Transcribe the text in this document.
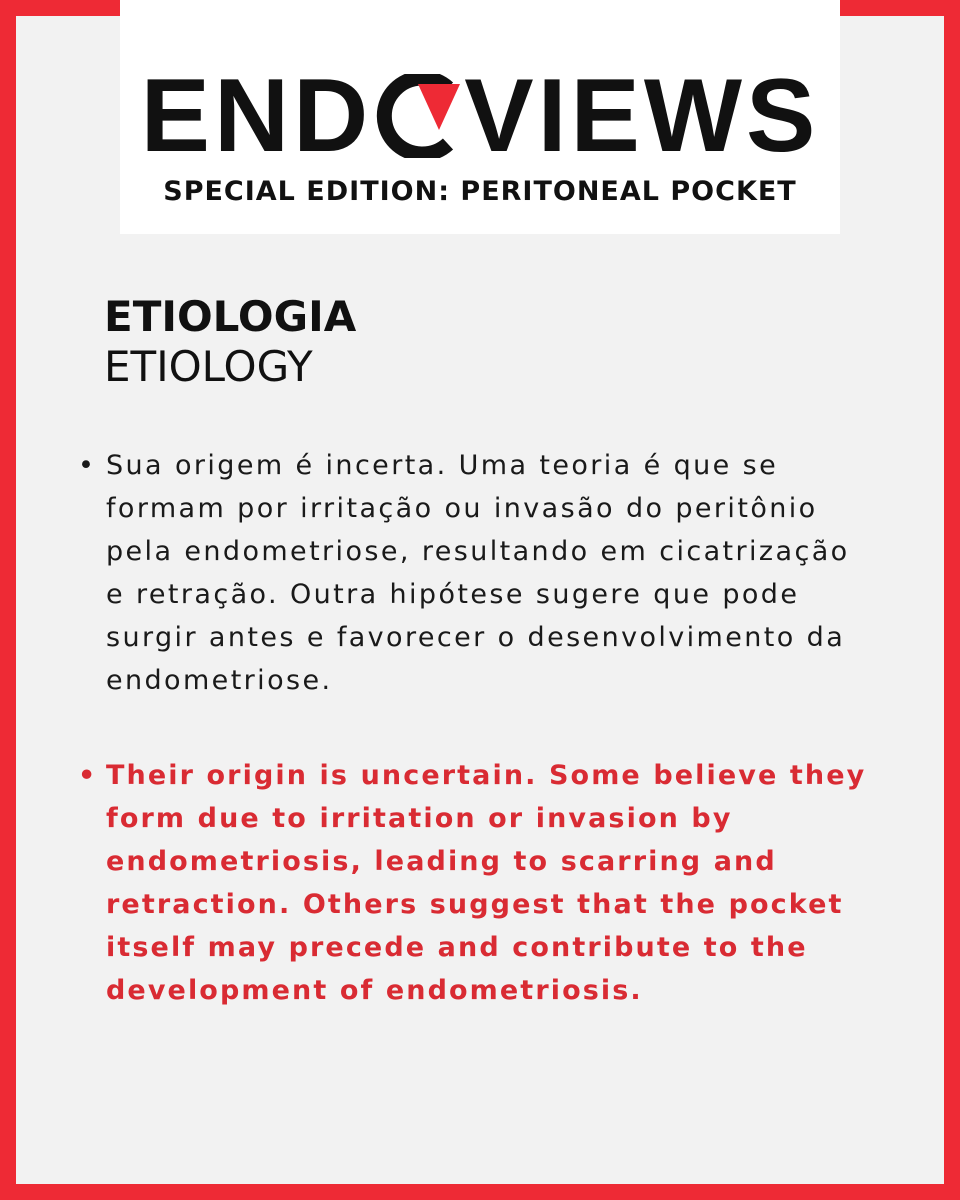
END VIEWS
SPECIAL EDITION: PERITONEAL POCKET
ETIOLOGIA
ETIOLOGY
• Sua origem é incerta. Uma teoria é que se formam por irritação ou invasão do peritônio pela endometriose, resultando em cicatrização e retração. Outra hipótese sugere que pode surgir antes e favorecer o desenvolvimento da endometriose.
• Their origin is uncertain. Some believe they form due to irritation or invasion by endometriosis, leading to scarring and retraction. Others suggest that the pocket itself may precede and contribute to the development of endometriosis.
